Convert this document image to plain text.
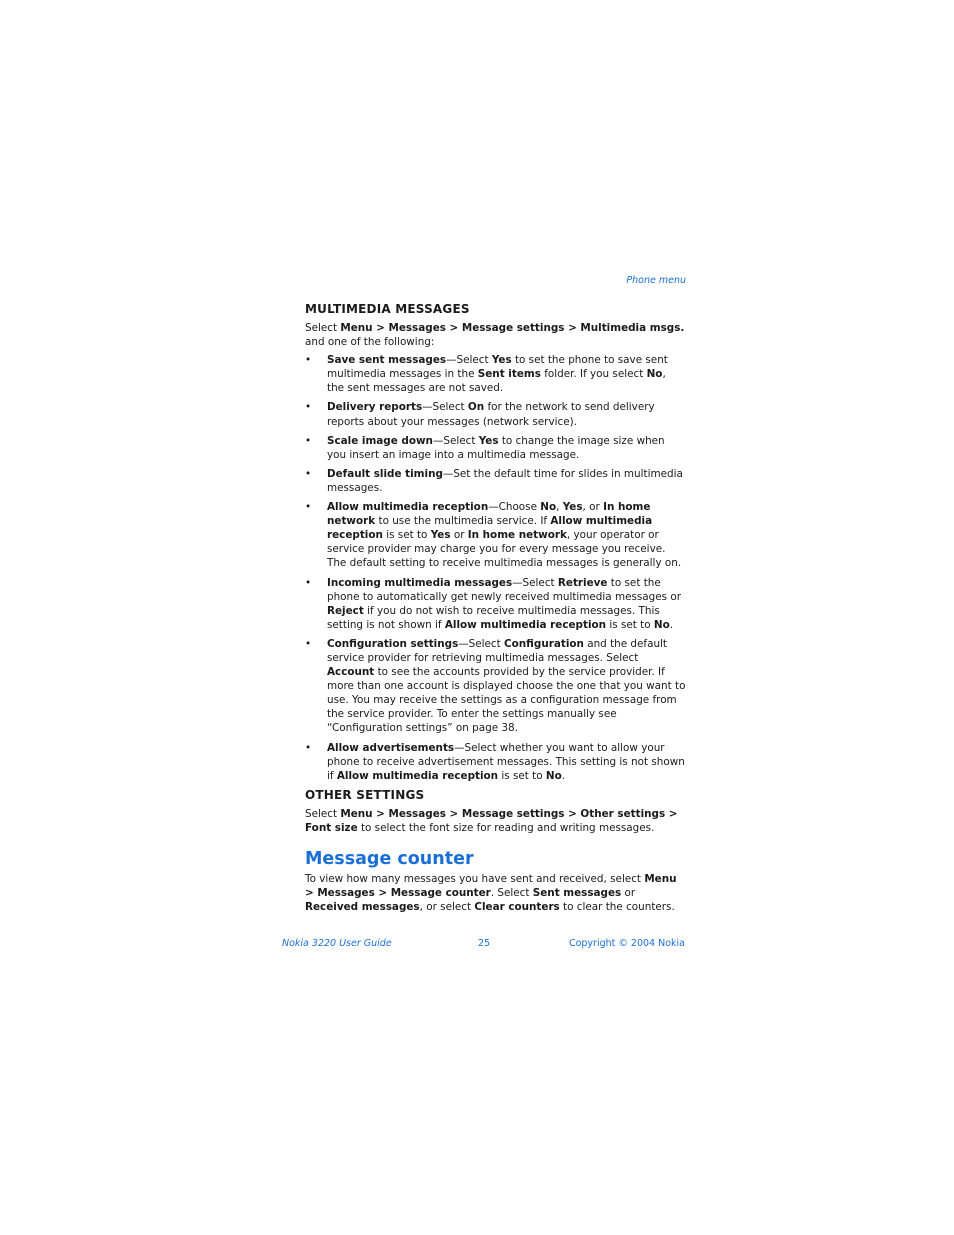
Phone menu
MULTIMEDIA MESSAGES

Select Menu > Messages > Message settings > Multimedia msgs. and one of the following:

• Save sent messages—Select Yes to set the phone to save sent multimedia messages in the Sent items folder. If you select No, the sent messages are not saved.
• Delivery reports—Select On for the network to send delivery reports about your messages (network service).
• Scale image down—Select Yes to change the image size when you insert an image into a multimedia message.
• Default slide timing—Set the default time for slides in multimedia messages.
• Allow multimedia reception—Choose No, Yes, or In home network to use the multimedia service. If Allow multimedia reception is set to Yes or In home network, your operator or service provider may charge you for every message you receive. The default setting to receive multimedia messages is generally on.
• Incoming multimedia messages—Select Retrieve to set the phone to automatically get newly received multimedia messages or Reject if you do not wish to receive multimedia messages. This setting is not shown if Allow multimedia reception is set to No.
• Configuration settings—Select Configuration and the default service provider for retrieving multimedia messages. Select Account to see the accounts provided by the service provider. If more than one account is displayed choose the one that you want to use. You may receive the settings as a configuration message from the service provider. To enter the settings manually see “Configuration settings” on page 38.
• Allow advertisements—Select whether you want to allow your phone to receive advertisement messages. This setting is not shown if Allow multimedia reception is set to No.
OTHER SETTINGS

Select Menu > Messages > Message settings > Other settings > Font size to select the font size for reading and writing messages.

Message counter

To view how many messages you have sent and received, select Menu > Messages > Message counter. Select Sent messages or Received messages, or select Clear counters to clear the counters.

Nokia 3220 User Guide	25	Copyright © 2004 Nokia
